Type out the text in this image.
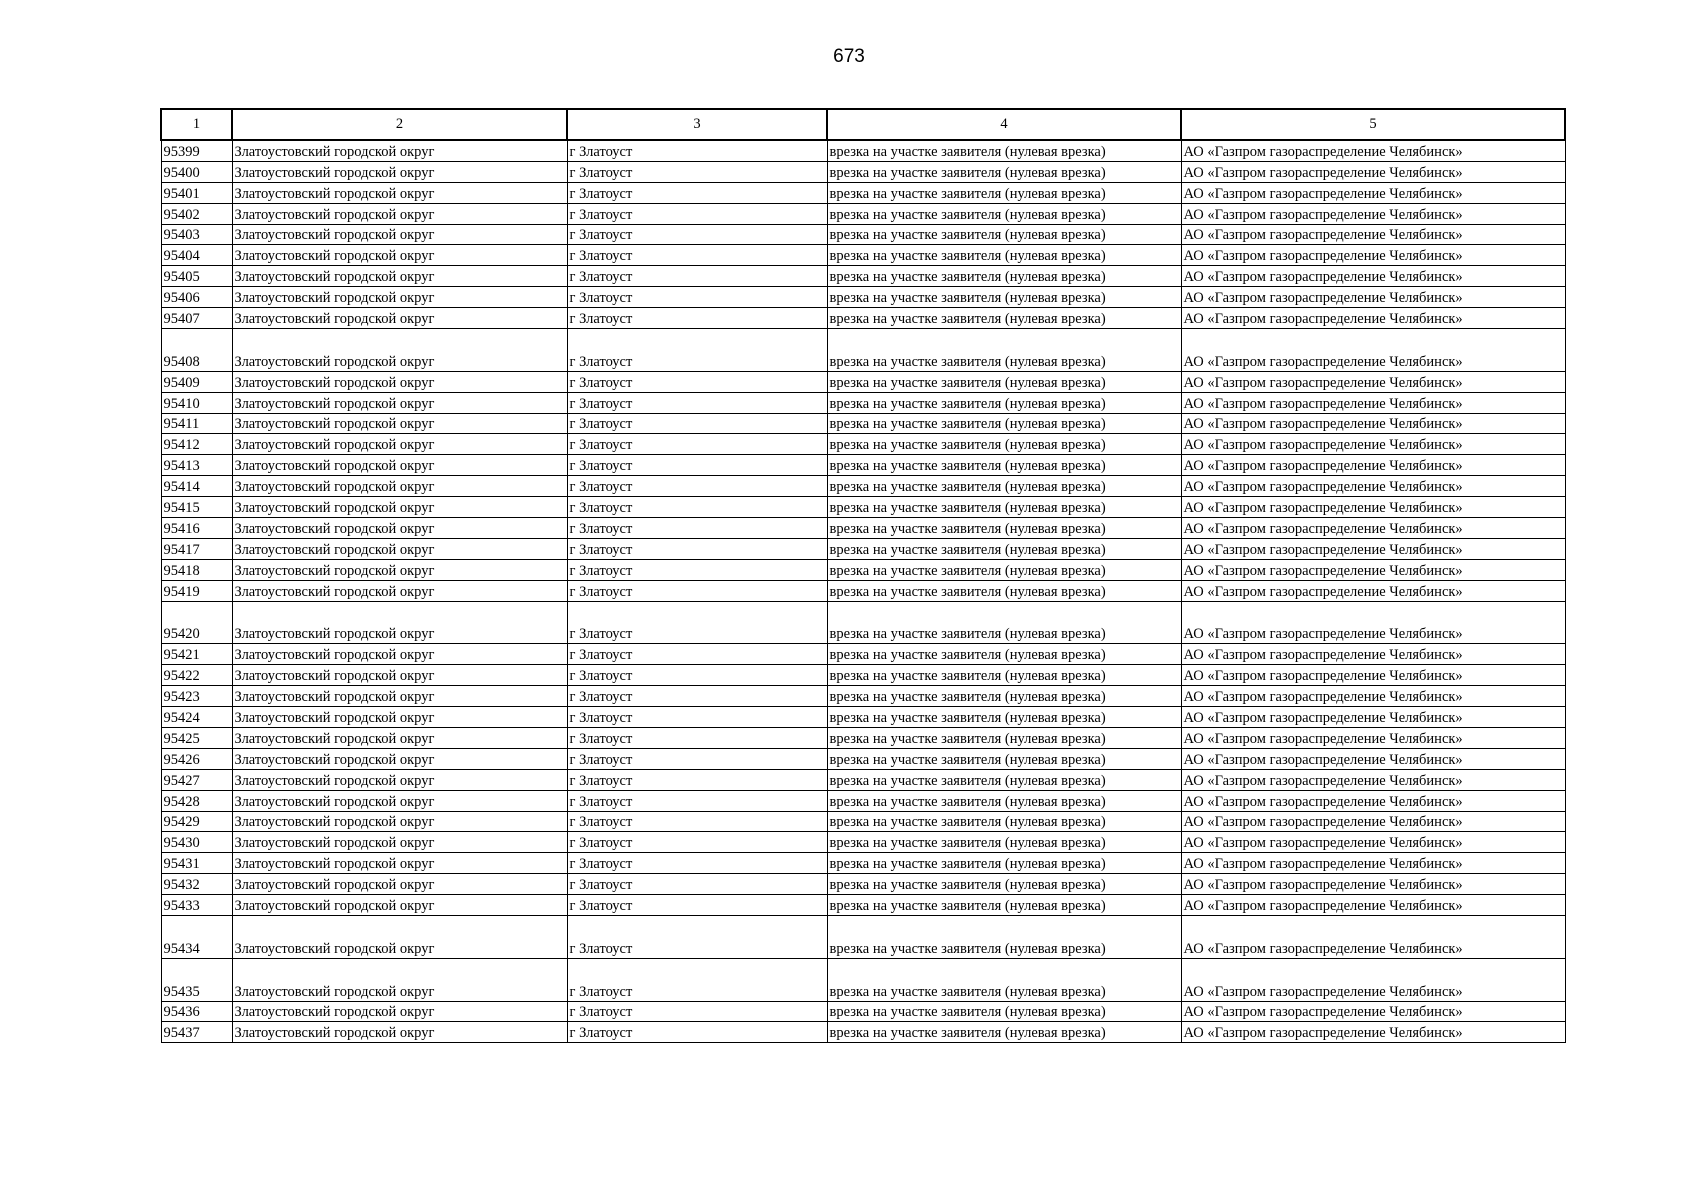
673
1	2	3	4	5
95399	Златоустовский городской округ	г Златоуст	врезка на участке заявителя (нулевая врезка)	АО «Газпром газораспределение Челябинск»
95400	Златоустовский городской округ	г Златоуст	врезка на участке заявителя (нулевая врезка)	АО «Газпром газораспределение Челябинск»
95401	Златоустовский городской округ	г Златоуст	врезка на участке заявителя (нулевая врезка)	АО «Газпром газораспределение Челябинск»
95402	Златоустовский городской округ	г Златоуст	врезка на участке заявителя (нулевая врезка)	АО «Газпром газораспределение Челябинск»
95403	Златоустовский городской округ	г Златоуст	врезка на участке заявителя (нулевая врезка)	АО «Газпром газораспределение Челябинск»
95404	Златоустовский городской округ	г Златоуст	врезка на участке заявителя (нулевая врезка)	АО «Газпром газораспределение Челябинск»
95405	Златоустовский городской округ	г Златоуст	врезка на участке заявителя (нулевая врезка)	АО «Газпром газораспределение Челябинск»
95406	Златоустовский городской округ	г Златоуст	врезка на участке заявителя (нулевая врезка)	АО «Газпром газораспределение Челябинск»
95407	Златоустовский городской округ	г Златоуст	врезка на участке заявителя (нулевая врезка)	АО «Газпром газораспределение Челябинск»
95408	Златоустовский городской округ	г Златоуст	врезка на участке заявителя (нулевая врезка)	АО «Газпром газораспределение Челябинск»
95409	Златоустовский городской округ	г Златоуст	врезка на участке заявителя (нулевая врезка)	АО «Газпром газораспределение Челябинск»
95410	Златоустовский городской округ	г Златоуст	врезка на участке заявителя (нулевая врезка)	АО «Газпром газораспределение Челябинск»
95411	Златоустовский городской округ	г Златоуст	врезка на участке заявителя (нулевая врезка)	АО «Газпром газораспределение Челябинск»
95412	Златоустовский городской округ	г Златоуст	врезка на участке заявителя (нулевая врезка)	АО «Газпром газораспределение Челябинск»
95413	Златоустовский городской округ	г Златоуст	врезка на участке заявителя (нулевая врезка)	АО «Газпром газораспределение Челябинск»
95414	Златоустовский городской округ	г Златоуст	врезка на участке заявителя (нулевая врезка)	АО «Газпром газораспределение Челябинск»
95415	Златоустовский городской округ	г Златоуст	врезка на участке заявителя (нулевая врезка)	АО «Газпром газораспределение Челябинск»
95416	Златоустовский городской округ	г Златоуст	врезка на участке заявителя (нулевая врезка)	АО «Газпром газораспределение Челябинск»
95417	Златоустовский городской округ	г Златоуст	врезка на участке заявителя (нулевая врезка)	АО «Газпром газораспределение Челябинск»
95418	Златоустовский городской округ	г Златоуст	врезка на участке заявителя (нулевая врезка)	АО «Газпром газораспределение Челябинск»
95419	Златоустовский городской округ	г Златоуст	врезка на участке заявителя (нулевая врезка)	АО «Газпром газораспределение Челябинск»
95420	Златоустовский городской округ	г Златоуст	врезка на участке заявителя (нулевая врезка)	АО «Газпром газораспределение Челябинск»
95421	Златоустовский городской округ	г Златоуст	врезка на участке заявителя (нулевая врезка)	АО «Газпром газораспределение Челябинск»
95422	Златоустовский городской округ	г Златоуст	врезка на участке заявителя (нулевая врезка)	АО «Газпром газораспределение Челябинск»
95423	Златоустовский городской округ	г Златоуст	врезка на участке заявителя (нулевая врезка)	АО «Газпром газораспределение Челябинск»
95424	Златоустовский городской округ	г Златоуст	врезка на участке заявителя (нулевая врезка)	АО «Газпром газораспределение Челябинск»
95425	Златоустовский городской округ	г Златоуст	врезка на участке заявителя (нулевая врезка)	АО «Газпром газораспределение Челябинск»
95426	Златоустовский городской округ	г Златоуст	врезка на участке заявителя (нулевая врезка)	АО «Газпром газораспределение Челябинск»
95427	Златоустовский городской округ	г Златоуст	врезка на участке заявителя (нулевая врезка)	АО «Газпром газораспределение Челябинск»
95428	Златоустовский городской округ	г Златоуст	врезка на участке заявителя (нулевая врезка)	АО «Газпром газораспределение Челябинск»
95429	Златоустовский городской округ	г Златоуст	врезка на участке заявителя (нулевая врезка)	АО «Газпром газораспределение Челябинск»
95430	Златоустовский городской округ	г Златоуст	врезка на участке заявителя (нулевая врезка)	АО «Газпром газораспределение Челябинск»
95431	Златоустовский городской округ	г Златоуст	врезка на участке заявителя (нулевая врезка)	АО «Газпром газораспределение Челябинск»
95432	Златоустовский городской округ	г Златоуст	врезка на участке заявителя (нулевая врезка)	АО «Газпром газораспределение Челябинск»
95433	Златоустовский городской округ	г Златоуст	врезка на участке заявителя (нулевая врезка)	АО «Газпром газораспределение Челябинск»
95434	Златоустовский городской округ	г Златоуст	врезка на участке заявителя (нулевая врезка)	АО «Газпром газораспределение Челябинск»
95435	Златоустовский городской округ	г Златоуст	врезка на участке заявителя (нулевая врезка)	АО «Газпром газораспределение Челябинск»
95436	Златоустовский городской округ	г Златоуст	врезка на участке заявителя (нулевая врезка)	АО «Газпром газораспределение Челябинск»
95437	Златоустовский городской округ	г Златоуст	врезка на участке заявителя (нулевая врезка)	АО «Газпром газораспределение Челябинск»
